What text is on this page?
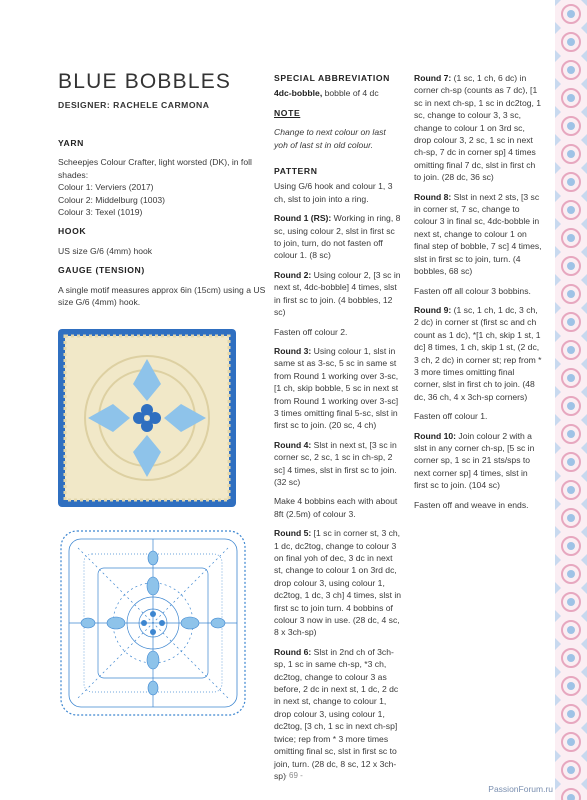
BLUE BOBBLES
DESIGNER: RACHELE CARMONA

YARN

Scheepjes Colour Crafter, light worsted (DK), in foll shades:

Colour 1: Verviers (2017)

Colour 2: Middelburg (1003)

Colour 3: Texel (1019)

HOOK

US size G/6 (4mm) hook

GAUGE (TENSION)

A single motif measures approx 6in (15cm) using a US size G/6 (4mm) hook.

SPECIAL ABBREVIATION

4dc-bobble, bobble of 4 dc

NOTE

Change to next colour on last yoh of last st in old colour.

PATTERN

Using G/6 hook and colour 1, 3 ch, slst to join into a ring.

Round 1 (RS): Working in ring, 8 sc, using colour 2, slst in first sc to join, turn, do not fasten off colour 1. (8 sc)

Round 2: Using colour 2, [3 sc in next st, 4dc-bobble] 4 times, slst in first sc to join. (4 bobbles, 12 sc)

Fasten off colour 2.

Round 3: Using colour 1, slst in same st as 3-sc, 5 sc in same st from Round 1 working over 3-sc, [1 ch, skip bobble, 5 sc in next st from Round 1 working over 3-sc] 3 times omitting final 5-sc, slst in first sc to join. (20 sc, 4 ch)

Round 4: Slst in next st, [3 sc in corner sc, 2 sc, 1 sc in ch-sp, 2 sc] 4 times, slst in first sc to join. (32 sc)

Make 4 bobbins each with about 8ft (2.5m) of colour 3.

Round 5: [1 sc in corner st, 3 ch, 1 dc, dc2tog, change to colour 3 on final yoh of dec, 3 dc in next st, change to colour 1 on 3rd dc, drop colour 3, using colour 1, dc2tog, 1 dc, 3 ch] 4 times, slst in first sc to join turn. 4 bobbins of colour 3 now in use. (28 dc, 4 sc, 8 x 3ch-sp)

Round 6: Slst in 2nd ch of 3ch-sp, 1 sc in same ch-sp, *3 ch, dc2tog, change to colour 3 as before, 2 dc in next st, 1 dc, 2 dc in next st, change to colour 1, drop colour 3, using colour 1, dc2tog, [3 ch, 1 sc in next ch-sp] twice; rep from * 3 more times omitting final sc, slst in first sc to join, turn. (28 dc, 8 sc, 12 x 3ch-sp)

Round 7: (1 sc, 1 ch, 6 dc) in corner ch-sp (counts as 7 dc), [1 sc in next ch-sp, 1 sc in dc2tog, 1 sc, change to colour 3, 3 sc, change to colour 1 on 3rd sc, drop colour 3, 2 sc, 1 sc in next ch-sp, 7 dc in corner sp] 4 times omitting final 7 dc, slst in first ch to join. (28 dc, 36 sc)

Round 8: Slst in next 2 sts, [3 sc in corner st, 7 sc, change to colour 3 in final sc, 4dc-bobble in next st, change to colour 1 on final step of bobble, 7 sc] 4 times, slst in first sc to join, turn. (4 bobbles, 68 sc)

Fasten off all colour 3 bobbins.

Round 9: (1 sc, 1 ch, 1 dc, 3 ch, 2 dc) in corner st (first sc and ch count as 1 dc), *[1 ch, skip 1 st, 1 dc] 8 times, 1 ch, skip 1 st, (2 dc, 3 ch, 2 dc) in corner st; rep from * 3 more times omitting final corner, slst in first ch to join. (48 dc, 36 ch, 4 x 3ch-sp corners)

Fasten off colour 1.

Round 10: Join colour 2 with a slst in any corner ch-sp, [5 sc in corner sp, 1 sc in 21 sts/sps to next corner sp] 4 times, slst in first sc to join. (104 sc)

Fasten off and weave in ends.

- 69 -
PassionForum.ru
